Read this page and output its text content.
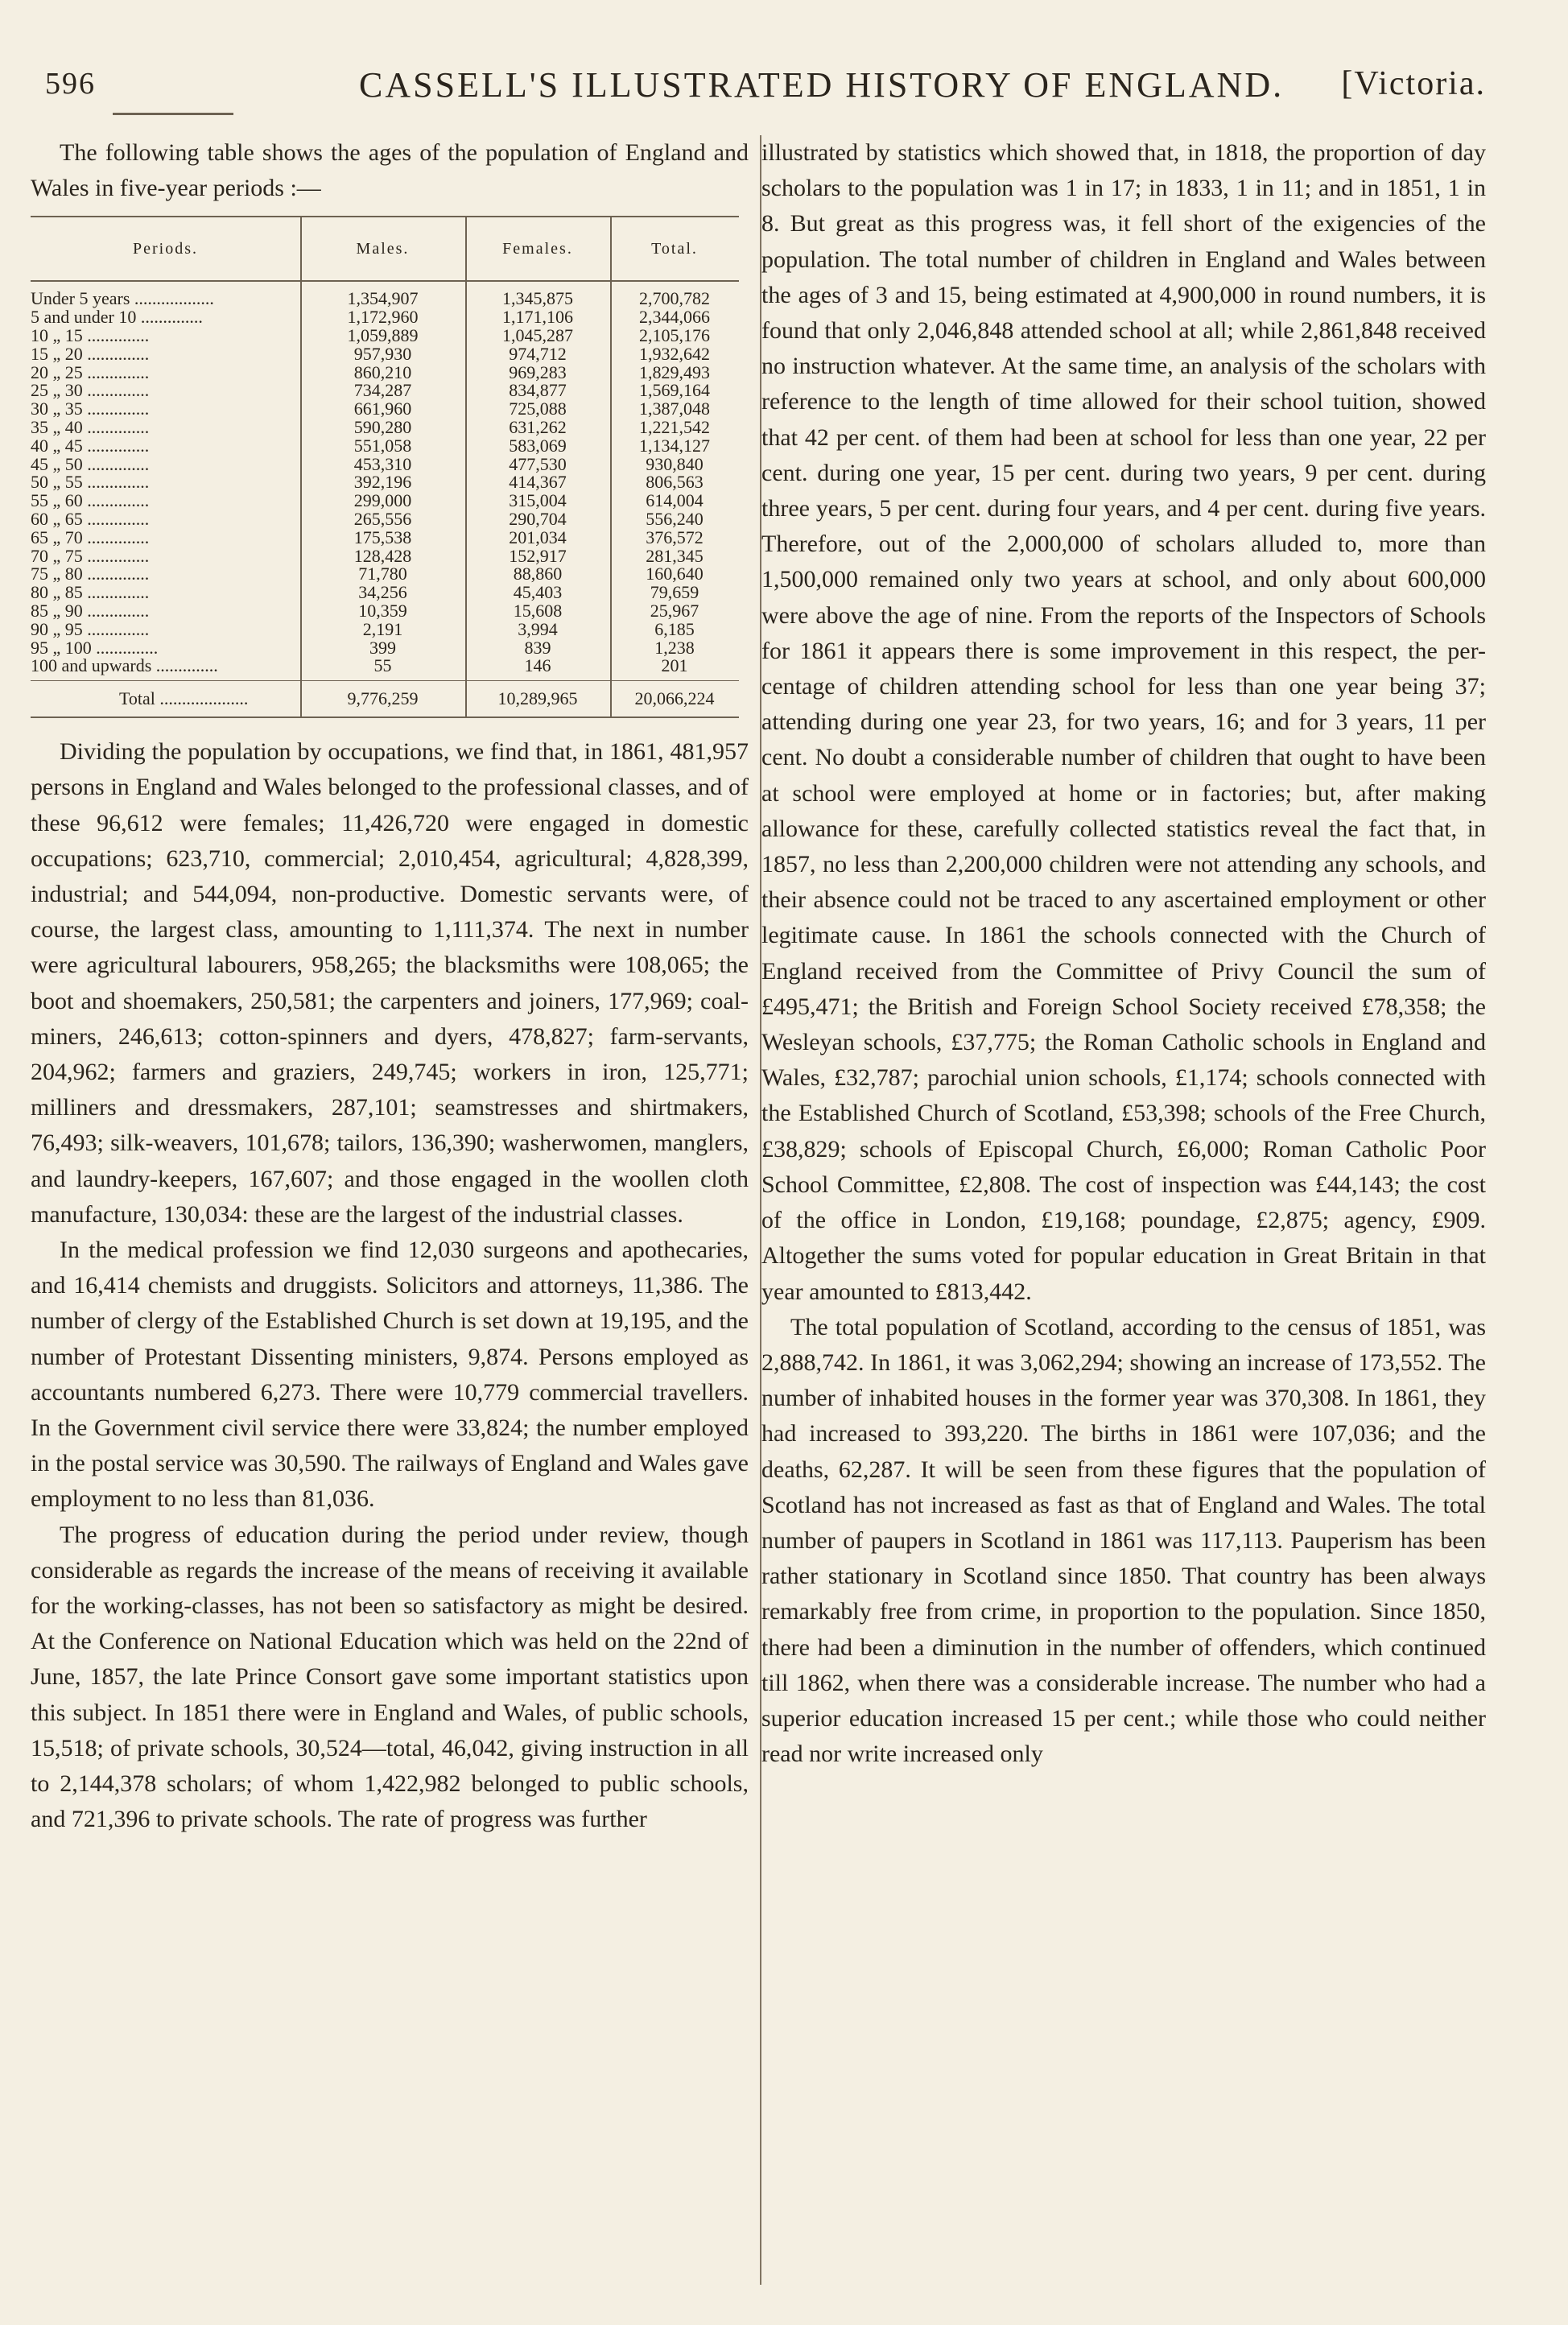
596	CASSELL'S ILLUSTRATED HISTORY OF ENGLAND. [Victoria.

The following table shows the ages of the population of England and Wales in five-year periods :—

Periods.	Males.	Females.	Total.
Under 5 years ..................	1,354,907	1,345,875	2,700,782
5 and under 10 ..............	1,172,960	1,171,106	2,344,066
10 „ 15 ..............	1,059,889	1,045,287	2,105,176
15 „ 20 ..............	957,930	974,712	1,932,642
20 „ 25 ..............	860,210	969,283	1,829,493
25 „ 30 ..............	734,287	834,877	1,569,164
30 „ 35 ..............	661,960	725,088	1,387,048
35 „ 40 ..............	590,280	631,262	1,221,542
40 „ 45 ..............	551,058	583,069	1,134,127
45 „ 50 ..............	453,310	477,530	930,840
50 „ 55 ..............	392,196	414,367	806,563
55 „ 60 ..............	299,000	315,004	614,004
60 „ 65 ..............	265,556	290,704	556,240
65 „ 70 ..............	175,538	201,034	376,572
70 „ 75 ..............	128,428	152,917	281,345
75 „ 80 ..............	71,780	88,860	160,640
80 „ 85 ..............	34,256	45,403	79,659
85 „ 90 ..............	10,359	15,608	25,967
90 „ 95 ..............	2,191	3,994	6,185
95 „ 100 ..............	399	839	1,238
100 and upwards ..............	55	146	201
Total ....................	9,776,259	10,289,965	20,066,224

Dividing the population by occupations, we find that, in 1861, 481,957 persons in England and Wales belonged to the professional classes, and of these 96,612 were females; 11,426,720 were engaged in domestic occupations; 623,710, commercial; 2,010,454, agricultural; 4,828,399, industrial; and 544,094, non-productive. Domestic servants were, of course, the largest class, amounting to 1,111,374. The next in number were agricultural labourers, 958,265; the blacksmiths were 108,065; the boot and shoemakers, 250,581; the carpenters and joiners, 177,969; coal-miners, 246,613; cotton-spinners and dyers, 478,827; farm-servants, 204,962; farmers and graziers, 249,745; workers in iron, 125,771; milliners and dressmakers, 287,101; seamstresses and shirtmakers, 76,493; silk-weavers, 101,678; tailors, 136,390; washerwomen, manglers, and laundry-keepers, 167,607; and those engaged in the woollen cloth manufacture, 130,034: these are the largest of the industrial classes.

In the medical profession we find 12,030 surgeons and apothecaries, and 16,414 chemists and druggists. Solicitors and attorneys, 11,386. The number of clergy of the Established Church is set down at 19,195, and the number of Protestant Dissenting ministers, 9,874. Persons employed as accountants numbered 6,273. There were 10,779 commercial travellers. In the Government civil service there were 33,824; the number employed in the postal service was 30,590. The railways of England and Wales gave employment to no less than 81,036.

The progress of education during the period under review, though considerable as regards the increase of the means of receiving it available for the working-classes, has not been so satisfactory as might be desired. At the Conference on National Education which was held on the 22nd of June, 1857, the late Prince Consort gave some important statistics upon this subject. In 1851 there were in England and Wales, of public schools, 15,518; of private schools, 30,524—total, 46,042, giving instruction in all to 2,144,378 scholars; of whom 1,422,982 belonged to public schools, and 721,396 to private schools. The rate of progress was further

illustrated by statistics which showed that, in 1818, the proportion of day scholars to the population was 1 in 17; in 1833, 1 in 11; and in 1851, 1 in 8. But great as this progress was, it fell short of the exigencies of the population. The total number of children in England and Wales between the ages of 3 and 15, being estimated at 4,900,000 in round numbers, it is found that only 2,046,848 attended school at all; while 2,861,848 received no instruction whatever. At the same time, an analysis of the scholars with reference to the length of time allowed for their school tuition, showed that 42 per cent. of them had been at school for less than one year, 22 per cent. during one year, 15 per cent. during two years, 9 per cent. during three years, 5 per cent. during four years, and 4 per cent. during five years. Therefore, out of the 2,000,000 of scholars alluded to, more than 1,500,000 remained only two years at school, and only about 600,000 were above the age of nine. From the reports of the Inspectors of Schools for 1861 it appears there is some improvement in this respect, the per-centage of children attending school for less than one year being 37; attending during one year 23, for two years, 16; and for 3 years, 11 per cent. No doubt a considerable number of children that ought to have been at school were employed at home or in factories; but, after making allowance for these, carefully collected statistics reveal the fact that, in 1857, no less than 2,200,000 children were not attending any schools, and their absence could not be traced to any ascertained employment or other legitimate cause. In 1861 the schools connected with the Church of England received from the Committee of Privy Council the sum of £495,471; the British and Foreign School Society received £78,358; the Wesleyan schools, £37,775; the Roman Catholic schools in England and Wales, £32,787; parochial union schools, £1,174; schools connected with the Established Church of Scotland, £53,398; schools of the Free Church, £38,829; schools of Episcopal Church, £6,000; Roman Catholic Poor School Committee, £2,808. The cost of inspection was £44,143; the cost of the office in London, £19,168; poundage, £2,875; agency, £909. Altogether the sums voted for popular education in Great Britain in that year amounted to £813,442.

The total population of Scotland, according to the census of 1851, was 2,888,742. In 1861, it was 3,062,294; showing an increase of 173,552. The number of inhabited houses in the former year was 370,308. In 1861, they had increased to 393,220. The births in 1861 were 107,036; and the deaths, 62,287. It will be seen from these figures that the population of Scotland has not increased as fast as that of England and Wales. The total number of paupers in Scotland in 1861 was 117,113. Pauperism has been rather stationary in Scotland since 1850. That country has been always remarkably free from crime, in proportion to the population. Since 1850, there had been a diminution in the number of offenders, which continued till 1862, when there was a considerable increase. The number who had a superior education increased 15 per cent.; while those who could neither read nor write increased only
